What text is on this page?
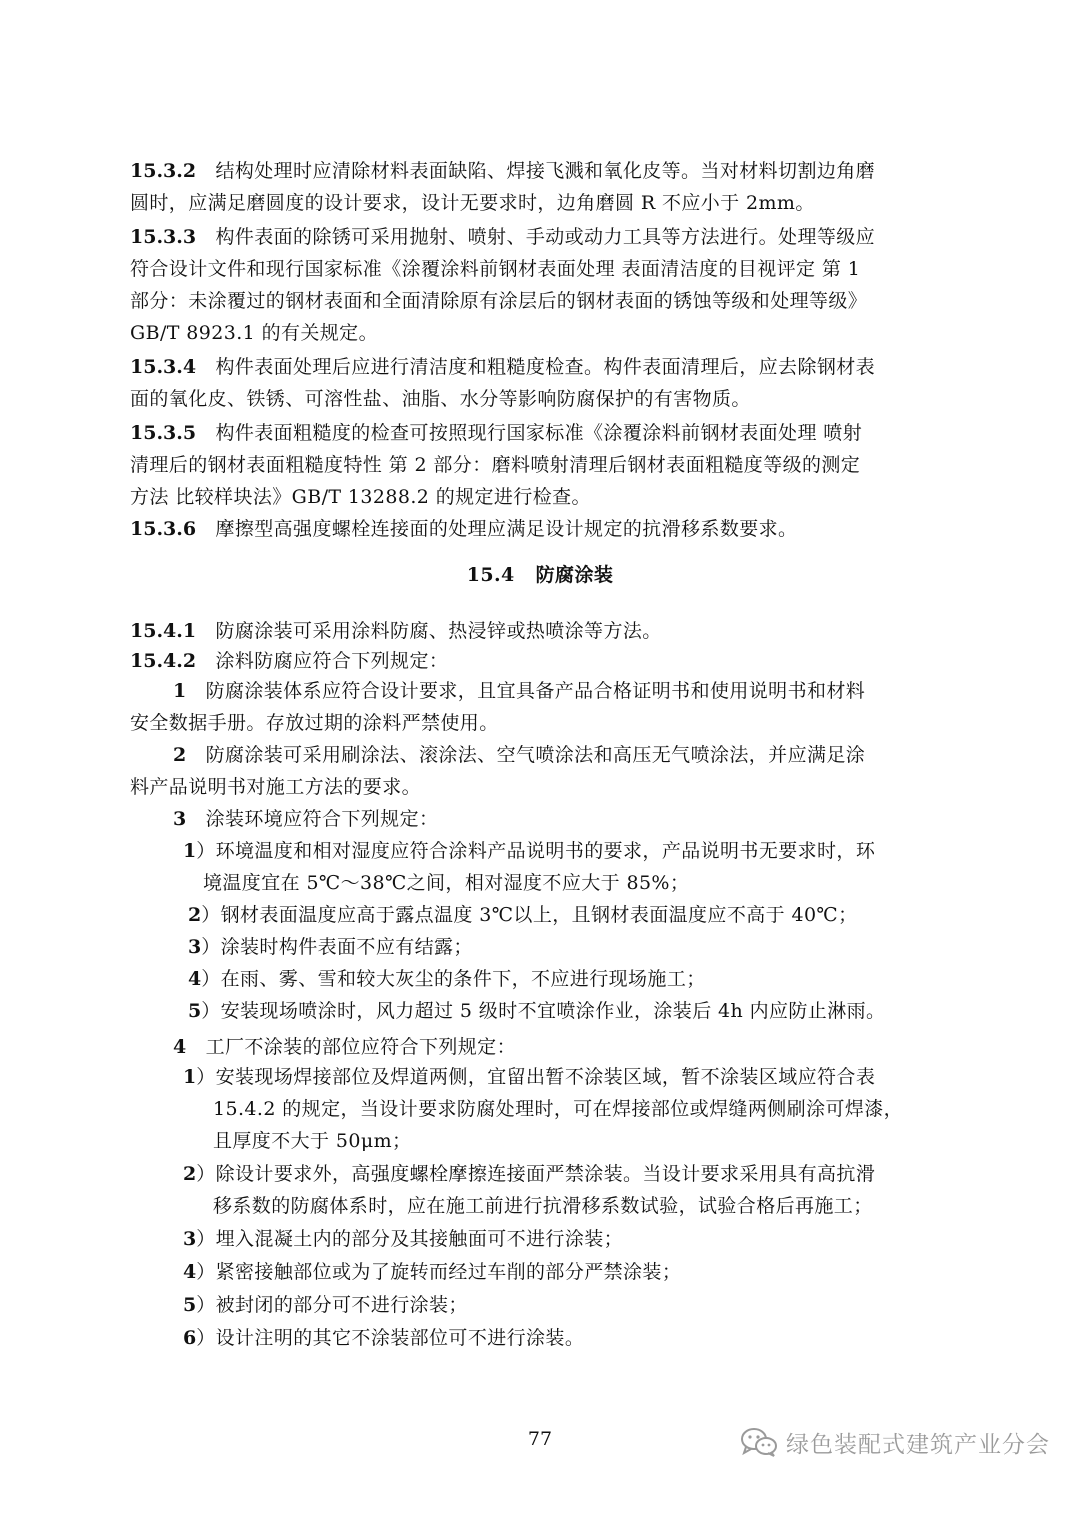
15.3.2 结构处理时应清除材料表面缺陷、焊接飞溅和氧化皮等。当对材料切割边角磨
圆时，应满足磨圆度的设计要求，设计无要求时，边角磨圆 R 不应小于 2mm。
15.3.3 构件表面的除锈可采用抛射、喷射、手动或动力工具等方法进行。处理等级应
符合设计文件和现行国家标准《涂覆涂料前钢材表面处理 表面清洁度的目视评定 第 1
部分：未涂覆过的钢材表面和全面清除原有涂层后的钢材表面的锈蚀等级和处理等级》
GB/T 8923.1 的有关规定。
15.3.4 构件表面处理后应进行清洁度和粗糙度检查。构件表面清理后，应去除钢材表
面的氧化皮、铁锈、可溶性盐、油脂、水分等影响防腐保护的有害物质。
15.3.5 构件表面粗糙度的检查可按照现行国家标准《涂覆涂料前钢材表面处理 喷射
清理后的钢材表面粗糙度特性 第 2 部分：磨料喷射清理后钢材表面粗糙度等级的测定
方法 比较样块法》GB/T 13288.2 的规定进行检查。
15.3.6 摩擦型高强度螺栓连接面的处理应满足设计规定的抗滑移系数要求。
15.4   防腐涂装
15.4.1 防腐涂装可采用涂料防腐、热浸锌或热喷涂等方法。
15.4.2 涂料防腐应符合下列规定：
1 防腐涂装体系应符合设计要求，且宜具备产品合格证明书和使用说明书和材料
安全数据手册。存放过期的涂料严禁使用。
2 防腐涂装可采用刷涂法、滚涂法、空气喷涂法和高压无气喷涂法，并应满足涂
料产品说明书对施工方法的要求。
3 涂装环境应符合下列规定：
1）环境温度和相对湿度应符合涂料产品说明书的要求，产品说明书无要求时，环
境温度宜在 5℃～38℃之间，相对湿度不应大于 85%；
2）钢材表面温度应高于露点温度 3℃以上，且钢材表面温度应不高于 40℃；
3）涂装时构件表面不应有结露；
4）在雨、雾、雪和较大灰尘的条件下，不应进行现场施工；
5）安装现场喷涂时，风力超过 5 级时不宜喷涂作业，涂装后 4h 内应防止淋雨。
4 工厂不涂装的部位应符合下列规定：
1）安装现场焊接部位及焊道两侧，宜留出暂不涂装区域，暂不涂装区域应符合表
15.4.2 的规定，当设计要求防腐处理时，可在焊接部位或焊缝两侧刷涂可焊漆，
且厚度不大于 50μm；
2）除设计要求外，高强度螺栓摩擦连接面严禁涂装。当设计要求采用具有高抗滑
移系数的防腐体系时，应在施工前进行抗滑移系数试验，试验合格后再施工；
3）埋入混凝土内的部分及其接触面可不进行涂装；
4）紧密接触部位或为了旋转而经过车削的部分严禁涂装；
5）被封闭的部分可不进行涂装；
6）设计注明的其它不涂装部位可不进行涂装。
77	绿色装配式建筑产业分会
